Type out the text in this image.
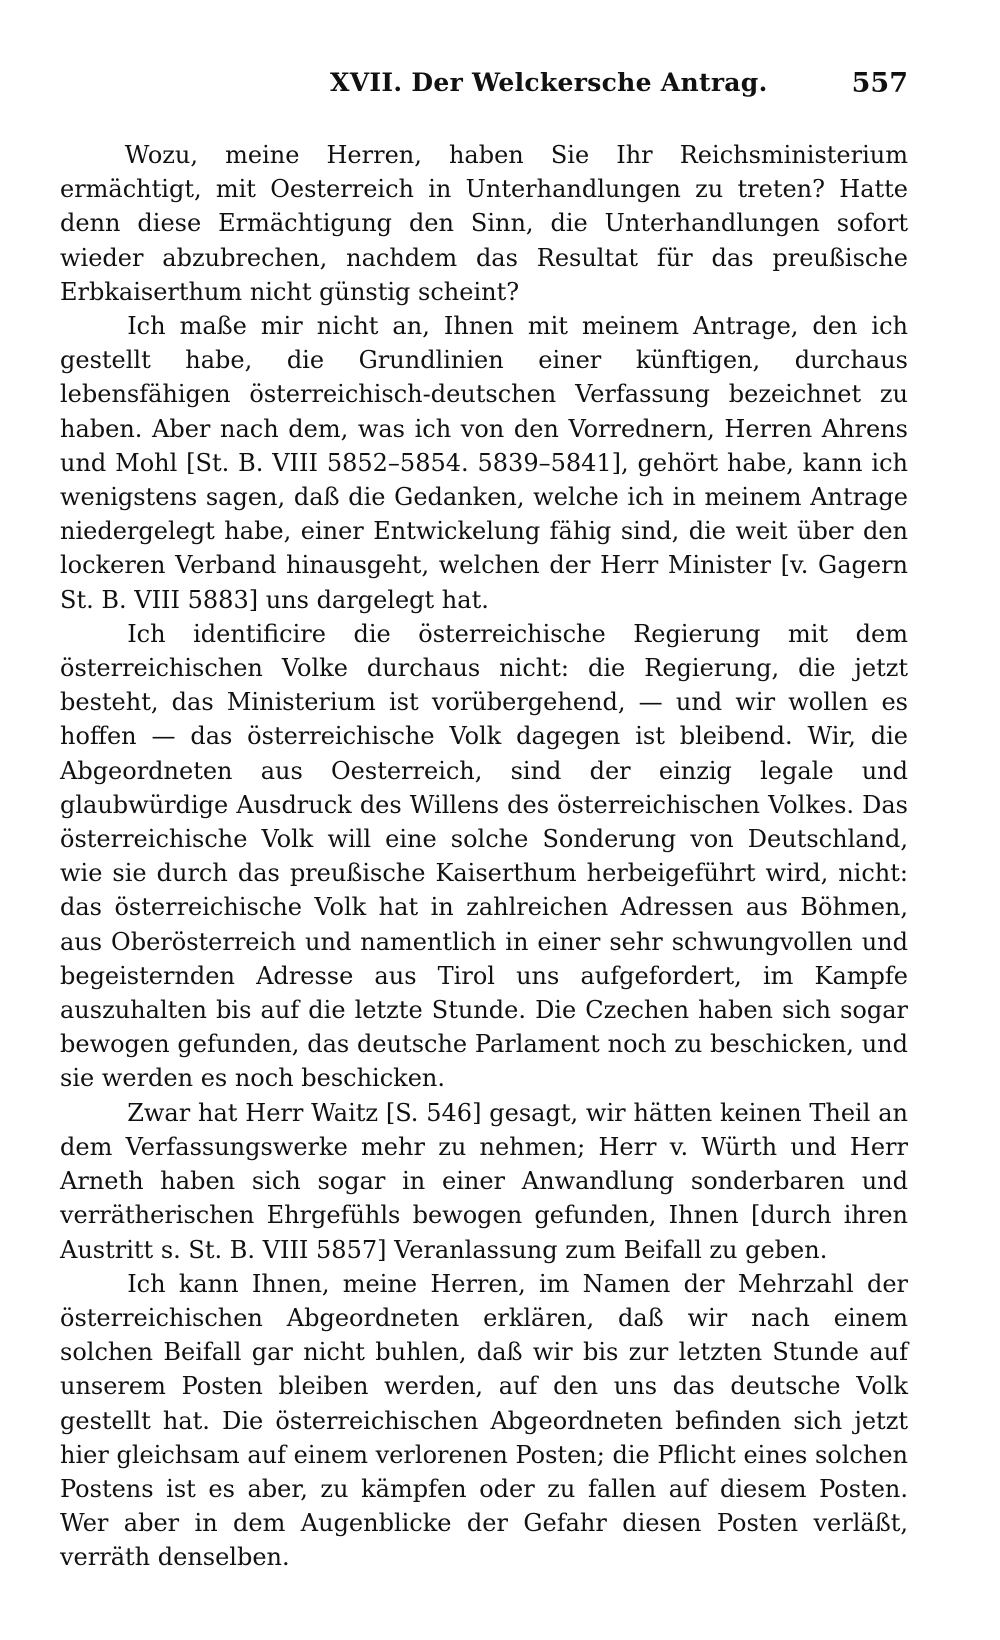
XVII. Der Welckersche Antrag.	557

Wozu, meine Herren, haben Sie Ihr Reichsministerium ermächtigt, mit Oesterreich in Unterhandlungen zu treten? Hatte denn diese Ermächtigung den Sinn, die Unterhandlungen sofort wieder abzubrechen, nachdem das Resultat für das preußische Erbkaiserthum nicht günstig scheint?

Ich maße mir nicht an, Ihnen mit meinem Antrage, den ich gestellt habe, die Grundlinien einer künftigen, durchaus lebensfähigen österreichisch-deutschen Verfassung bezeichnet zu haben. Aber nach dem, was ich von den Vorrednern, Herren Ahrens und Mohl [St. B. VIII 5852–5854. 5839–5841], gehört habe, kann ich wenigstens sagen, daß die Gedanken, welche ich in meinem Antrage niedergelegt habe, einer Entwickelung fähig sind, die weit über den lockeren Verband hinausgeht, welchen der Herr Minister [v. Gagern St. B. VIII 5883] uns dargelegt hat.

Ich identificire die österreichische Regierung mit dem österreichischen Volke durchaus nicht: die Regierung, die jetzt besteht, das Ministerium ist vorübergehend, — und wir wollen es hoffen — das österreichische Volk dagegen ist bleibend. Wir, die Abgeordneten aus Oesterreich, sind der einzig legale und glaubwürdige Ausdruck des Willens des österreichischen Volkes. Das österreichische Volk will eine solche Sonderung von Deutschland, wie sie durch das preußische Kaiserthum herbeigeführt wird, nicht: das österreichische Volk hat in zahlreichen Adressen aus Böhmen, aus Oberösterreich und namentlich in einer sehr schwungvollen und begeisternden Adresse aus Tirol uns aufgefordert, im Kampfe auszuhalten bis auf die letzte Stunde. Die Czechen haben sich sogar bewogen gefunden, das deutsche Parlament noch zu beschicken, und sie werden es noch beschicken.

Zwar hat Herr Waitz [S. 546] gesagt, wir hätten keinen Theil an dem Verfassungswerke mehr zu nehmen; Herr v. Würth und Herr Arneth haben sich sogar in einer Anwandlung sonderbaren und verrätherischen Ehrgefühls bewogen gefunden, Ihnen [durch ihren Austritt s. St. B. VIII 5857] Veranlassung zum Beifall zu geben.

Ich kann Ihnen, meine Herren, im Namen der Mehrzahl der österreichischen Abgeordneten erklären, daß wir nach einem solchen Beifall gar nicht buhlen, daß wir bis zur letzten Stunde auf unserem Posten bleiben werden, auf den uns das deutsche Volk gestellt hat. Die österreichischen Abgeordneten befinden sich jetzt hier gleichsam auf einem verlorenen Posten; die Pflicht eines solchen Postens ist es aber, zu kämpfen oder zu fallen auf diesem Posten. Wer aber in dem Augenblicke der Gefahr diesen Posten verläßt, verräth denselben.
